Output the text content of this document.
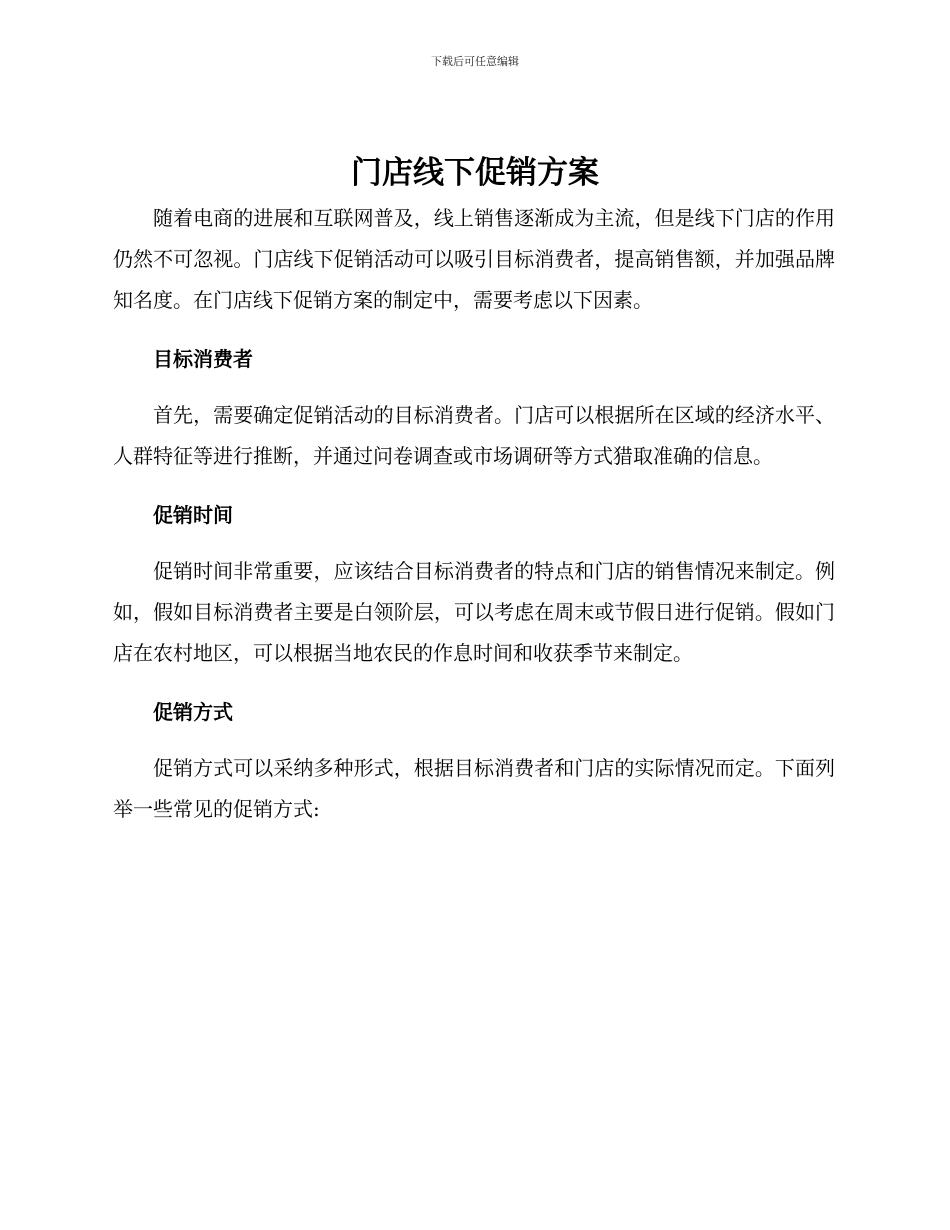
下载后可任意编辑
门店线下促销方案

随着电商的进展和互联网普及，线上销售逐渐成为主流，但是线下门店的作用仍然不可忽视。门店线下促销活动可以吸引目标消费者，提高销售额，并加强品牌知名度。在门店线下促销方案的制定中，需要考虑以下因素。

目标消费者

首先，需要确定促销活动的目标消费者。门店可以根据所在区域的经济水平、人群特征等进行推断，并通过问卷调查或市场调研等方式猎取准确的信息。

促销时间

促销时间非常重要，应该结合目标消费者的特点和门店的销售情况来制定。例如，假如目标消费者主要是白领阶层，可以考虑在周末或节假日进行促销。假如门店在农村地区，可以根据当地农民的作息时间和收获季节来制定。

促销方式

促销方式可以采纳多种形式，根据目标消费者和门店的实际情况而定。下面列举一些常见的促销方式:
